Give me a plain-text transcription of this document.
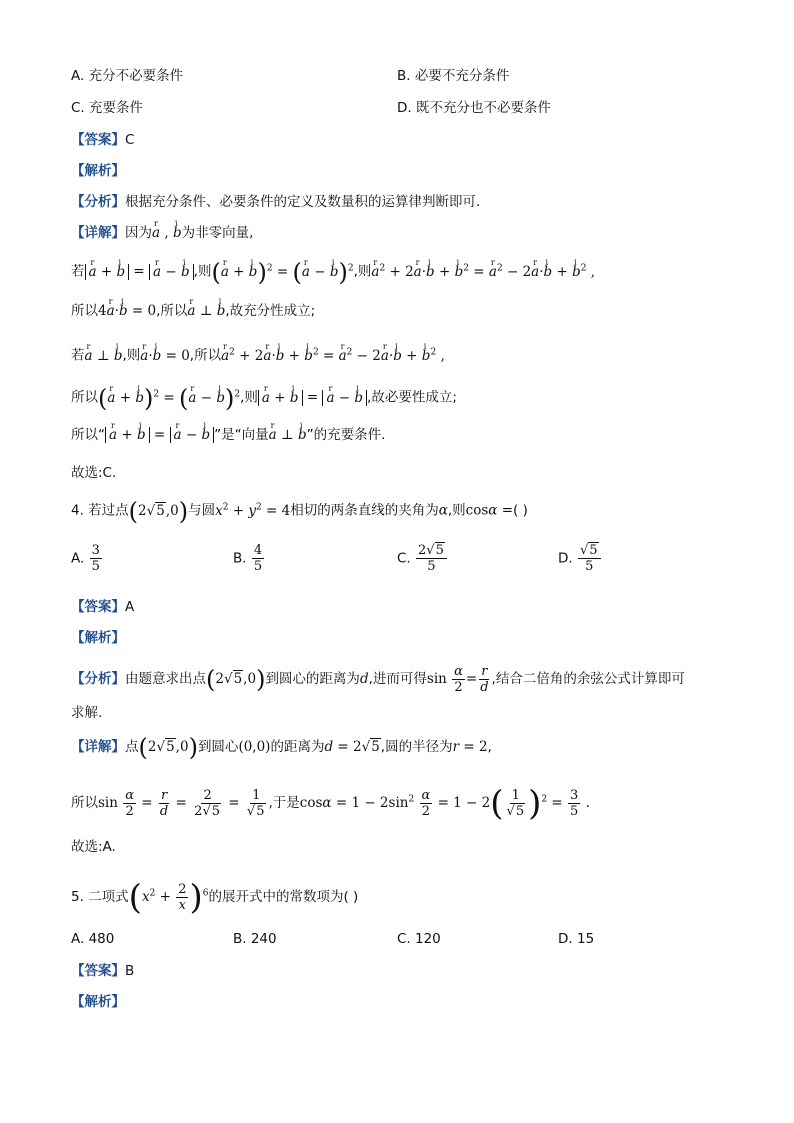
A. 充分不必要条件	B. 必要不充分条件
C. 充要条件	D. 既不充分也不必要条件
【答案】C
【解析】
【分析】根据充分条件、必要条件的定义及数量积的运算律判断即可.
【详解】因为r a , i b为非零向量,
若 r a + i b = r a − i b ,则(r a + i b)$^2$ = (r a − i b)$^2$,则r $a^2 + 2r$ a·i b + i $b^2 = r$ $a^2 - 2r$ a·i b + i $b^2$ ,
所以4r a·i b = 0,所以r a ⊥ i b,故充分性成立;
若r a ⊥ i b,则r a·i b = 0,所以r $a^2 + 2r$ a·i b + i $b^2 = r$ $a^2 - 2r$ a·i b + i $b^2$ ,
所以(r a + i b)$^2$ = (r a − i b)$^2$,则 r a + i b = r a − i b ,故必要性成立;
所以“ r a + i b = r a − i b ”是“向量r a ⊥ i b”的充要条件.
故选:C.
4. 若过点(2√5,0)与圆$x^2 + y^2 = 4$相切的两条直线的夹角为α,则cosα =( )
A. $\frac{3}{5}$	B. $\frac{4}{5}$	C. $\frac{2√5}{5}$	D. $\frac{√5}{5}$
【答案】A
【解析】
【分析】由题意求出点(2√5,0)到圆心的距离为d,进而可得$\sin \frac{\alpha}{2} = \frac{r}{d}$ ,结合二倍角的余弦公式计算即可
求解.
【详解】点(2√5,0)到圆心(0,0)的距离为d = 2√5,圆的半径为r = 2,
所以$\sin \frac{\alpha}{2} = \frac{r}{d} = \frac{2}{2√5} = \frac{1}{√5}$ ,于是$\cos\alpha = 1 - 2\sin^2 \frac{\alpha}{2} = 1 - 2( \frac{1}{√5} )^2 = \frac{3}{5}$ .
故选:A.
5. 二项式$(x^2 + \frac{2}{x} )^6$的展开式中的常数项为( )
A. 480	B. 240	C. 120	D. 15
【答案】B
【解析】
